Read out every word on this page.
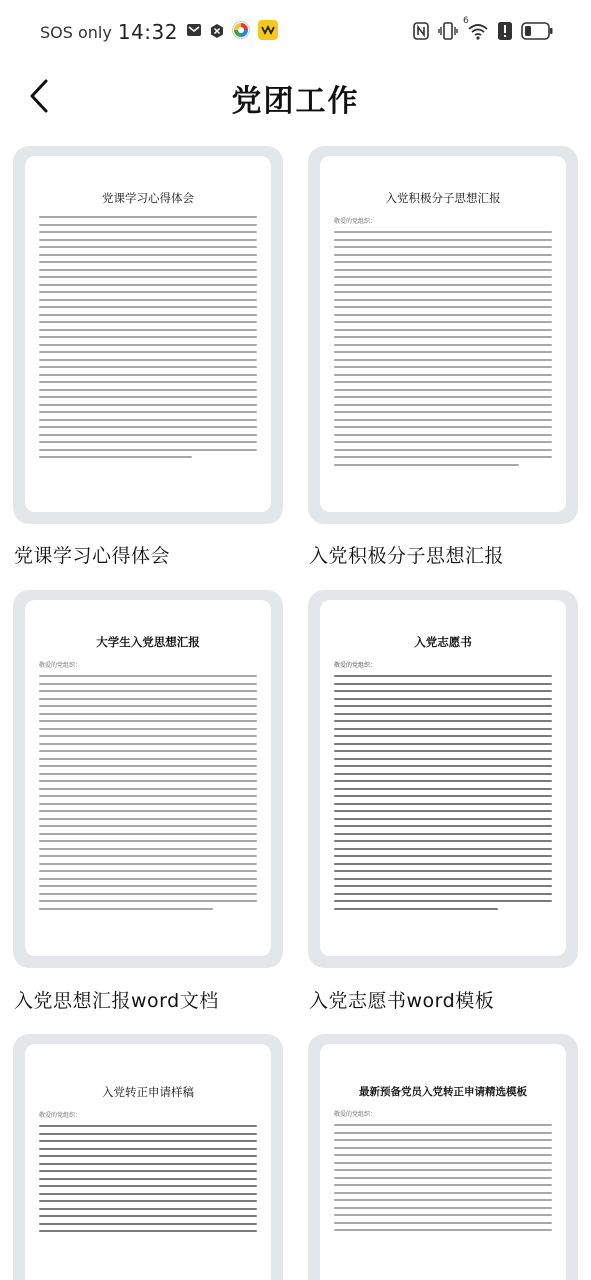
SOS only 14:32	6
党团工作
党课学习心得体会
党课学习心得体会
入党积极分子思想汇报
敬爱的党组织：
入党积极分子思想汇报
大学生入党思想汇报
敬爱的党组织：
入党思想汇报word文档
入党志愿书
敬爱的党组织：
入党志愿书word模板
入党转正申请样稿
敬爱的党组织：
最新预备党员入党转正申请精选模板
敬爱的党组织：
